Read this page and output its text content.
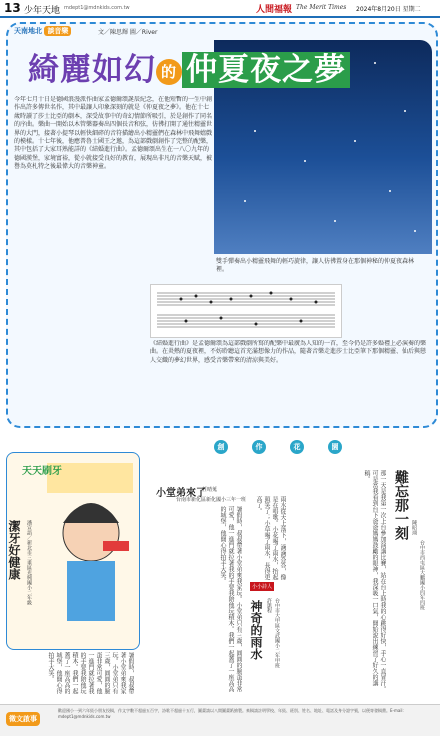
13 少年天地 mdept1@mdnkids.com.tw	人間福報 The Merit Times 2024年8月20日 星期二
天南地北 談音樂	文／陳思輝 圖／River
綺麗如幻 的 仲夏夜之夢
今年七月十日是德國浪漫派作曲家孟德爾頌誕辰紀念，在他短暫的一生中創作出許多傳世名作，其中最讓人印象深刻的就是《仲夏夜之夢》。他在十七歲時讀了莎士比亞的劇本，深受故事中的奇幻情節所吸引，於是創作了同名的序曲。樂曲一開始以木管樂器奏出四個長音和弦，彷彿打開了通往精靈世界的大門，接著小提琴以輕快細碎的音符描繪出小精靈們在森林中飛舞嬉戲的模樣。十七年後，他應普魯士國王之邀，為這部戲劇創作了完整的配樂，其中包括了大家耳熟能詳的《結婚進行曲》。孟德爾頌出生在一八〇九年的德國漢堡，家境富裕，從小就接受良好的教育，展現出非凡的音樂天賦，被譽為莫札特之後最偉大的音樂神童。
雙手彈奏出小精靈飛舞的輕巧旋律，讓人彷彿置身在那個神秘的仲夏夜森林裡。
《結婚進行曲》是孟德爾頌為這部戲劇所寫的配樂中最廣為人知的一首，至今仍是許多婚禮上必演奏的樂曲。在炎熱的夏夜裡，不妨聆聽這首充滿想像力的作品，隨著音樂走進莎士比亞筆下那個精靈、仙后與戀人交織的夢幻世界，感受音樂帶來的清涼與美好。
創	作	花	園
天天刷牙
潔牙好健康	潘宣語／新北市三重區光興國小二年級
小堂弟來了
莊晴蒐
台南市新化區新化國小三年一班
暑假時，叔叔帶著小堂弟來我家玩。小堂弟只有三歲，圓圓的臉蛋非常可愛，他一進門就拉著我的手要我陪他玩積木。我們一起蓋了一座高高的城堡，他開心得拍手大笑。
暑假時，叔叔帶著小堂弟來我家玩。小堂弟只有三歲，圓圓的臉蛋非常可愛，他一進門就拉著我的手要我陪他玩積木。我們一起蓋了一座高高的城堡，他開心得拍手大笑。
難忘那一刻 陳昭翊
台中市西屯區大鵬國小四年四班
那一天是我第一次上台參加演講比賽，站在台上時我的心跳得好快，手心一直冒汗。可是當我看到台下爸爸媽媽鼓勵的眼神，我深吸一口氣，開始說出練習了好久的講稿。
小小詩人
神奇的雨水 許凱程 台中市大甲區文武國小二年甲班
雨水從天上落下，滴滴答答，像是在唱歌。小花喝了雨水，抬起頭笑了；小草喝了雨水，長得更高了。
徵文啟事
歡迎國小一到六年級小朋友投稿，作文字數不超過五百字，詩歌不超過十五行，圖畫請以八開圖畫紙繪製。來稿請註明學校、年級、班別、姓名、地址、電話及身分證字號，以便寄發稿費。E-mail：mdept1@mdnkids.com.tw
